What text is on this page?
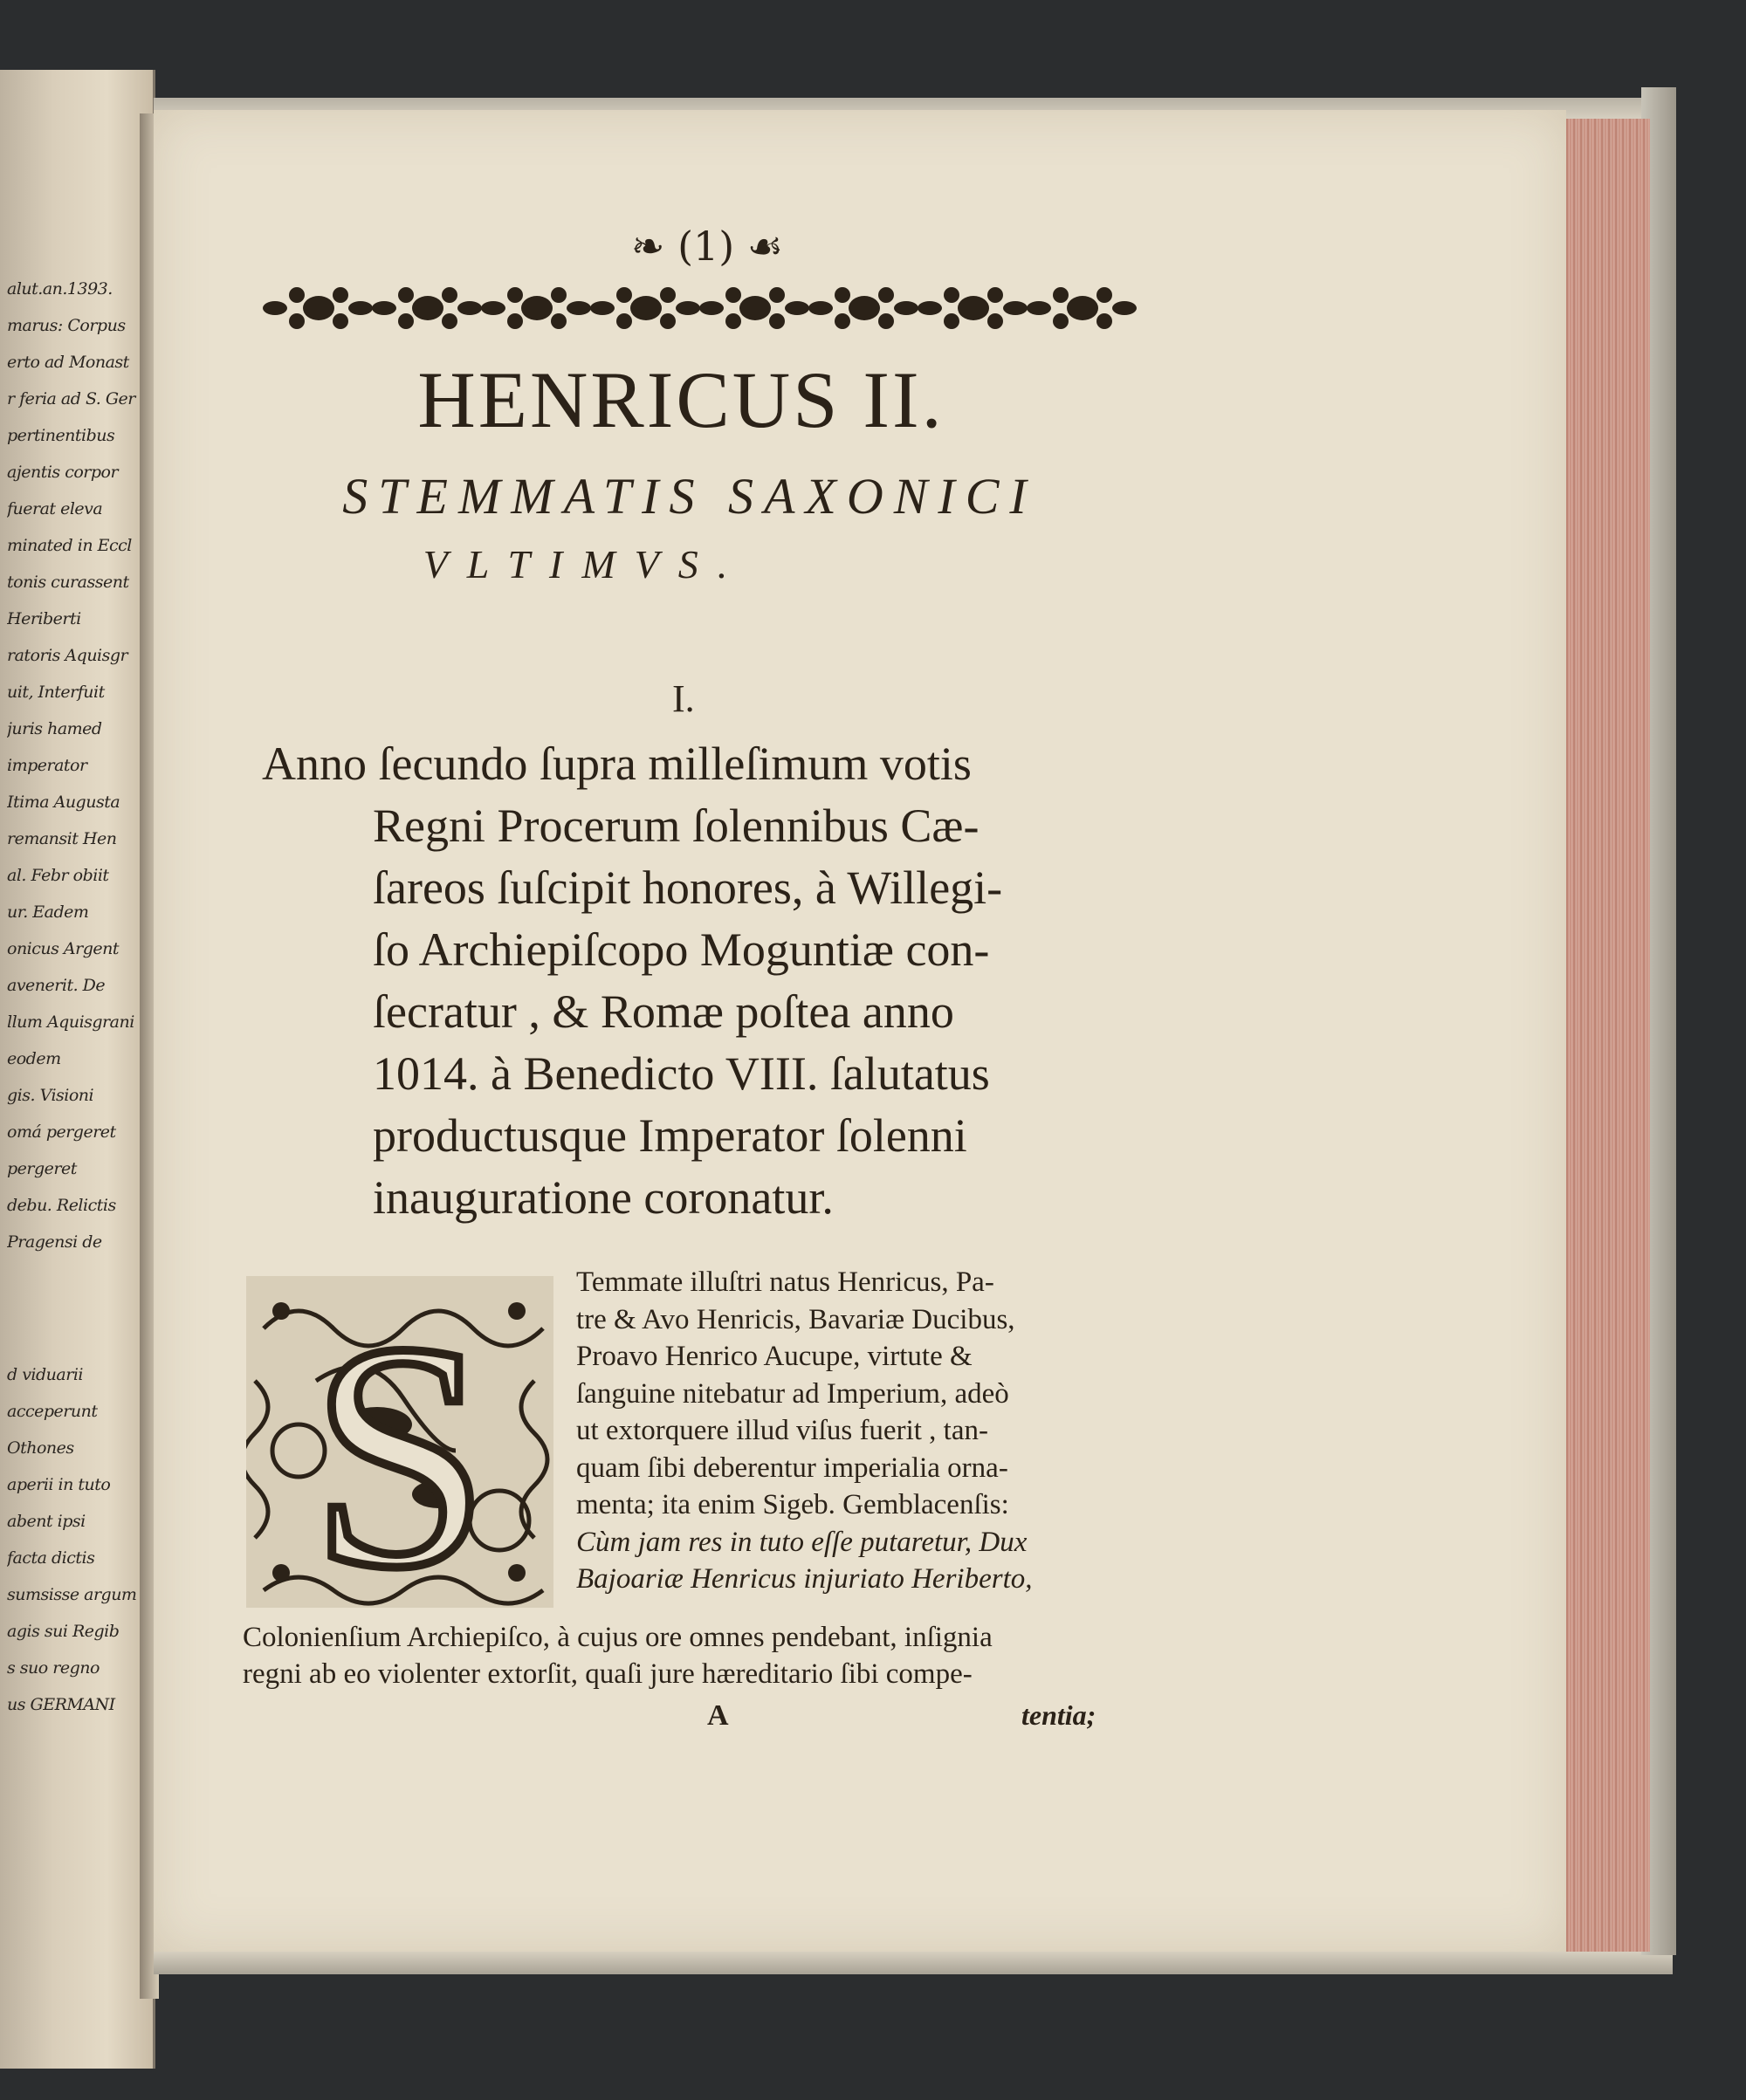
alut.an.1393.
marus: Corpus
erto ad Monast
r feria ad S. Ger
pertinentibus
ajentis corpor
fuerat eleva
minated in Eccl
tonis curassent
Heriberti
ratoris Aquisgr
uit, Interfuit
juris hamed
imperator
Itima Augusta
remansit Hen
al. Febr obiit
ur. Eadem
onicus Argent
avenerit. De
llum Aquisgrani
eodem
gis. Visioni
omá pergeret
pergeret
debu. Relictis
Pragensi de
d viduarii
acceperunt
Othones
aperii in tuto
abent ipsi
facta dictis
sumsisse argum
agis sui Regib
s suo regno
us GERMANI
❧ (1) ☙
HENRICUS II.
STEMMATIS SAXONICI
VLTIMVS.
I.
Anno ſecundo ſupra milleſimum votis
Regni Procerum ſolennibus Cæ-
ſareos ſuſcipit honores, à Willegi-
ſo Archiepiſcopo Moguntiæ con-
ſecratur , & Romæ poſtea anno
1014. à Benedicto VIII. ſalutatus
productusque Imperator ſolenni
inauguratione coronatur.
S	Temmate illuſtri natus Henricus, Pa-
tre & Avo Henricis, Bavariæ Ducibus,
Proavo Henrico Aucupe, virtute &
ſanguine nitebatur ad Imperium, adeò
ut extorquere illud viſus fuerit , tan-
quam ſibi deberentur imperialia orna-
menta; ita enim Sigeb. Gemblacenſis:
Cùm jam res in tuto eſſe putaretur, Dux
Bajoariæ Henricus injuriato Heriberto,
Colonienſium Archiepiſco, à cujus ore omnes pendebant, inſignia
regni ab eo violenter extorſit, quaſi jure hæreditario ſibi compe-
A	tentia;
